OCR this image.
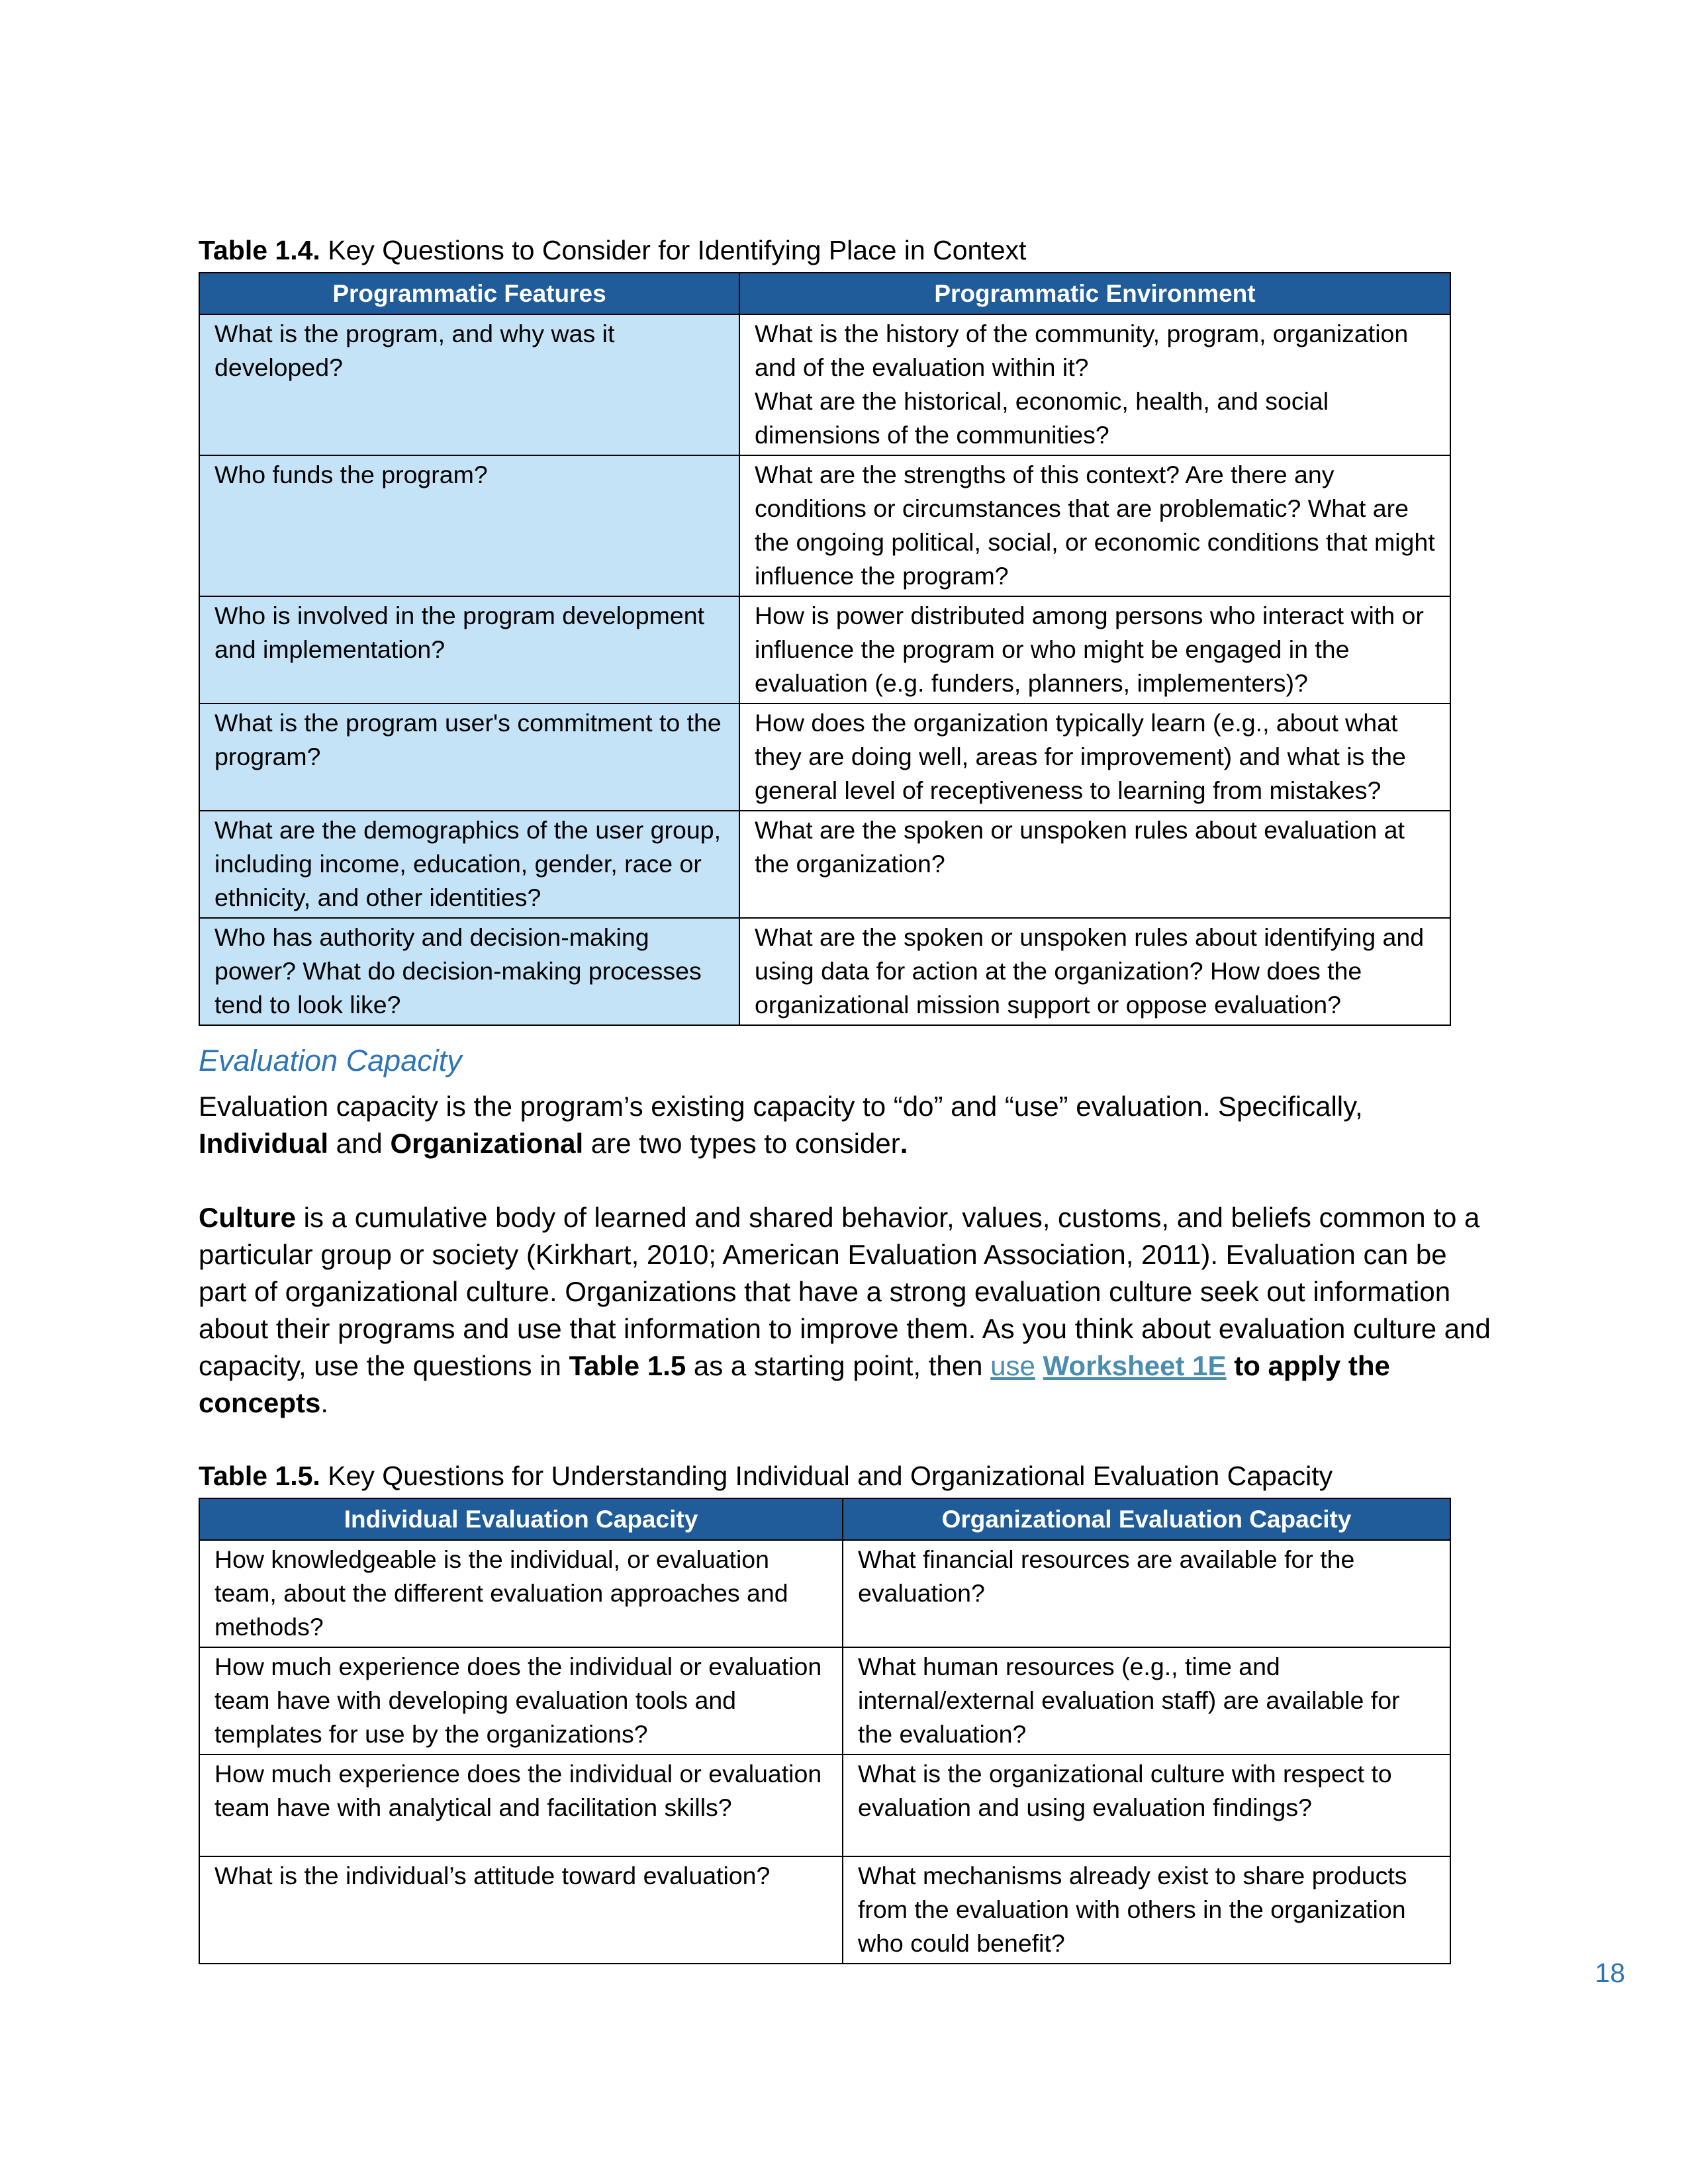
Table 1.4. Key Questions to Consider for Identifying Place in Context
Programmatic Features	Programmatic Environment
What is the program, and why was it developed?	What is the history of the community, program, organization and of the evaluation within it?
What are the historical, economic, health, and social dimensions of the communities?

Who funds the program?	What are the strengths of this context? Are there any conditions or circumstances that are problematic? What are the ongoing political, social, or economic conditions that might influence the program?

Who is involved in the program development and implementation?	How is power distributed among persons who interact with or influence the program or who might be engaged in the evaluation (e.g. funders, planners, implementers)?

What is the program user's commitment to the program?	How does the organization typically learn (e.g., about what they are doing well, areas for improvement) and what is the general level of receptiveness to learning from mistakes?

What are the demographics of the user group, including income, education, gender, race or ethnicity, and other identities?	What are the spoken or unspoken rules about evaluation at the organization?

Who has authority and decision-making power? What do decision-making processes tend to look like?	What are the spoken or unspoken rules about identifying and using data for action at the organization? How does the organizational mission support or oppose evaluation?
Evaluation Capacity
Evaluation capacity is the program’s existing capacity to “do” and “use” evaluation. Specifically, Individual and Organizational are two types to consider.
Culture is a cumulative body of learned and shared behavior, values, customs, and beliefs common to a particular group or society (Kirkhart, 2010; American Evaluation Association, 2011). Evaluation can be part of organizational culture. Organizations that have a strong evaluation culture seek out information about their programs and use that information to improve them. As you think about evaluation culture and capacity, use the questions in Table 1.5 as a starting point, then use Worksheet 1E to apply the concepts.
Table 1.5. Key Questions for Understanding Individual and Organizational Evaluation Capacity
Individual Evaluation Capacity	Organizational Evaluation Capacity
How knowledgeable is the individual, or evaluation team, about the different evaluation approaches and methods?	What financial resources are available for the evaluation?
How much experience does the individual or evaluation team have with developing evaluation tools and templates for use by the organizations?	What human resources (e.g., time and internal/external evaluation staff) are available for the evaluation?
How much experience does the individual or evaluation team have with analytical and facilitation skills?	What is the organizational culture with respect to evaluation and using evaluation findings?
What is the individual’s attitude toward evaluation?	What mechanisms already exist to share products from the evaluation with others in the organization who could benefit?
18
